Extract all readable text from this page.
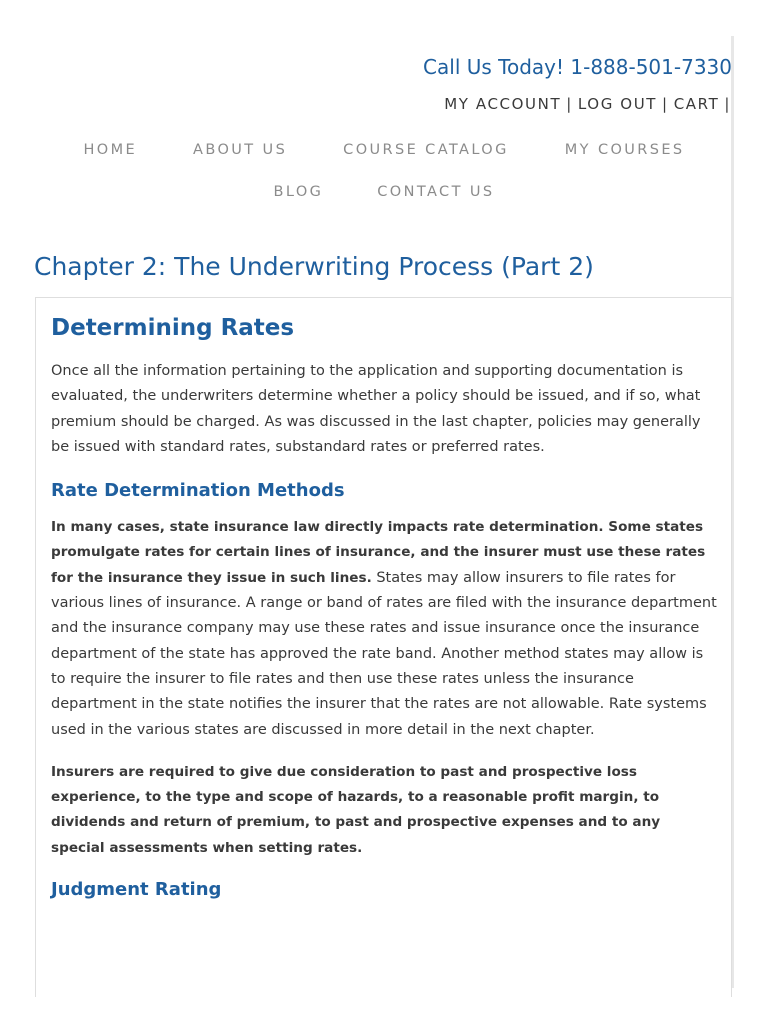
Call Us Today! 1-888-501-7330
MY ACCOUNT | LOG OUT | CART |
HOME	ABOUT US	COURSE CATALOG	MY COURSES
BLOG	CONTACT US
Chapter 2: The Underwriting Process (Part 2)
Determining Rates

Once all the information pertaining to the application and supporting documentation is evaluated, the underwriters determine whether a policy should be issued, and if so, what premium should be charged. As was discussed in the last chapter, policies may generally be issued with standard rates, substandard rates or preferred rates.

Rate Determination Methods

In many cases, state insurance law directly impacts rate determination. Some states promulgate rates for certain lines of insurance, and the insurer must use these rates for the insurance they issue in such lines. States may allow insurers to file rates for various lines of insurance. A range or band of rates are filed with the insurance department and the insurance company may use these rates and issue insurance once the insurance department of the state has approved the rate band. Another method states may allow is to require the insurer to file rates and then use these rates unless the insurance department in the state notifies the insurer that the rates are not allowable. Rate systems used in the various states are discussed in more detail in the next chapter.

Insurers are required to give due consideration to past and prospective loss experience, to the type and scope of hazards, to a reasonable profit margin, to dividends and return of premium, to past and prospective expenses and to any special assessments when setting rates.

Judgment Rating
